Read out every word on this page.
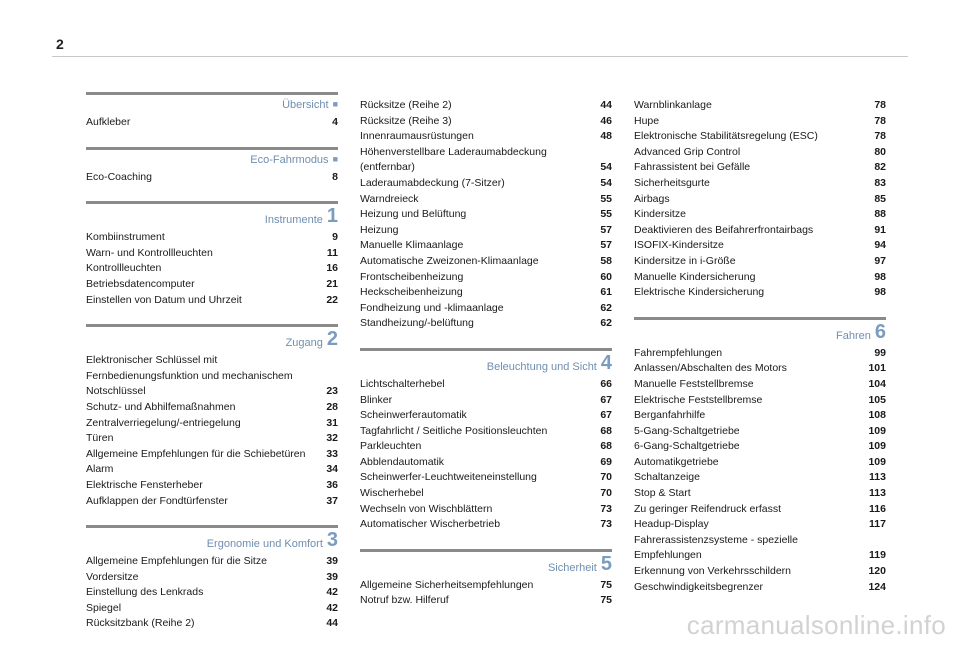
2
Übersicht ■
Aufkleber	4
Eco-Fahrmodus ■
Eco-Coaching	8
Instrumente 1
Kombiinstrument	9
Warn- und Kontrollleuchten	11
Kontrollleuchten	16
Betriebsdatencomputer	21
Einstellen von Datum und Uhrzeit	22
Zugang 2
Elektronischer Schlüssel mit Fernbedienungsfunktion und mechanischem Notschlüssel	23
Schutz- und Abhilfemaßnahmen	28
Zentralverriegelung/-entriegelung	31
Türen	32
Allgemeine Empfehlungen für die Schiebetüren	33
Alarm	34
Elektrische Fensterheber	36
Aufklappen der Fondtürfenster	37
Ergonomie und Komfort 3
Allgemeine Empfehlungen für die Sitze	39
Vordersitze	39
Einstellung des Lenkrads	42
Spiegel	42
Rücksitzbank (Reihe 2)	44
Rücksitze (Reihe 2)	44
Rücksitze (Reihe 3)	46
Innenraumausrüstungen	48
Höhenverstellbare Laderaumabdeckung (entfernbar)	54
Laderaumabdeckung (7-Sitzer)	54
Warndreieck	55
Heizung und Belüftung	55
Heizung	57
Manuelle Klimaanlage	57
Automatische Zweizonen-Klimaanlage	58
Frontscheibenheizung	60
Heckscheibenheizung	61
Fondheizung und -klimaanlage	62
Standheizung/-belüftung	62
Beleuchtung und Sicht 4
Lichtschalterhebel	66
Blinker	67
Scheinwerferautomatik	67
Tagfahrlicht / Seitliche Positionsleuchten	68
Parkleuchten	68
Abblendautomatik	69
Scheinwerfer-Leuchtweiteneinstellung	70
Wischerhebel	70
Wechseln von Wischblättern	73
Automatischer Wischerbetrieb	73
Sicherheit 5
Allgemeine Sicherheitsempfehlungen	75
Notruf bzw. Hilferuf	75
Warnblinkanlage	78
Hupe	78
Elektronische Stabilitätsregelung (ESC)	78
Advanced Grip Control	80
Fahrassistent bei Gefälle	82
Sicherheitsgurte	83
Airbags	85
Kindersitze	88
Deaktivieren des Beifahrerfrontairbags	91
ISOFIX-Kindersitze	94
Kindersitze in i-Größe	97
Manuelle Kindersicherung	98
Elektrische Kindersicherung	98
Fahren 6
Fahrempfehlungen	99
Anlassen/Abschalten des Motors	101
Manuelle Feststellbremse	104
Elektrische Feststellbremse	105
Berganfahrhilfe	108
5-Gang-Schaltgetriebe	109
6-Gang-Schaltgetriebe	109
Automatikgetriebe	109
Schaltanzeige	113
Stop & Start	113
Zu geringer Reifendruck erfasst	116
Headup-Display	117
Fahrerassistenzsysteme - spezielle Empfehlungen	119
Erkennung von Verkehrsschildern	120
Geschwindigkeitsbegrenzer	124
carmanualsonline.info
